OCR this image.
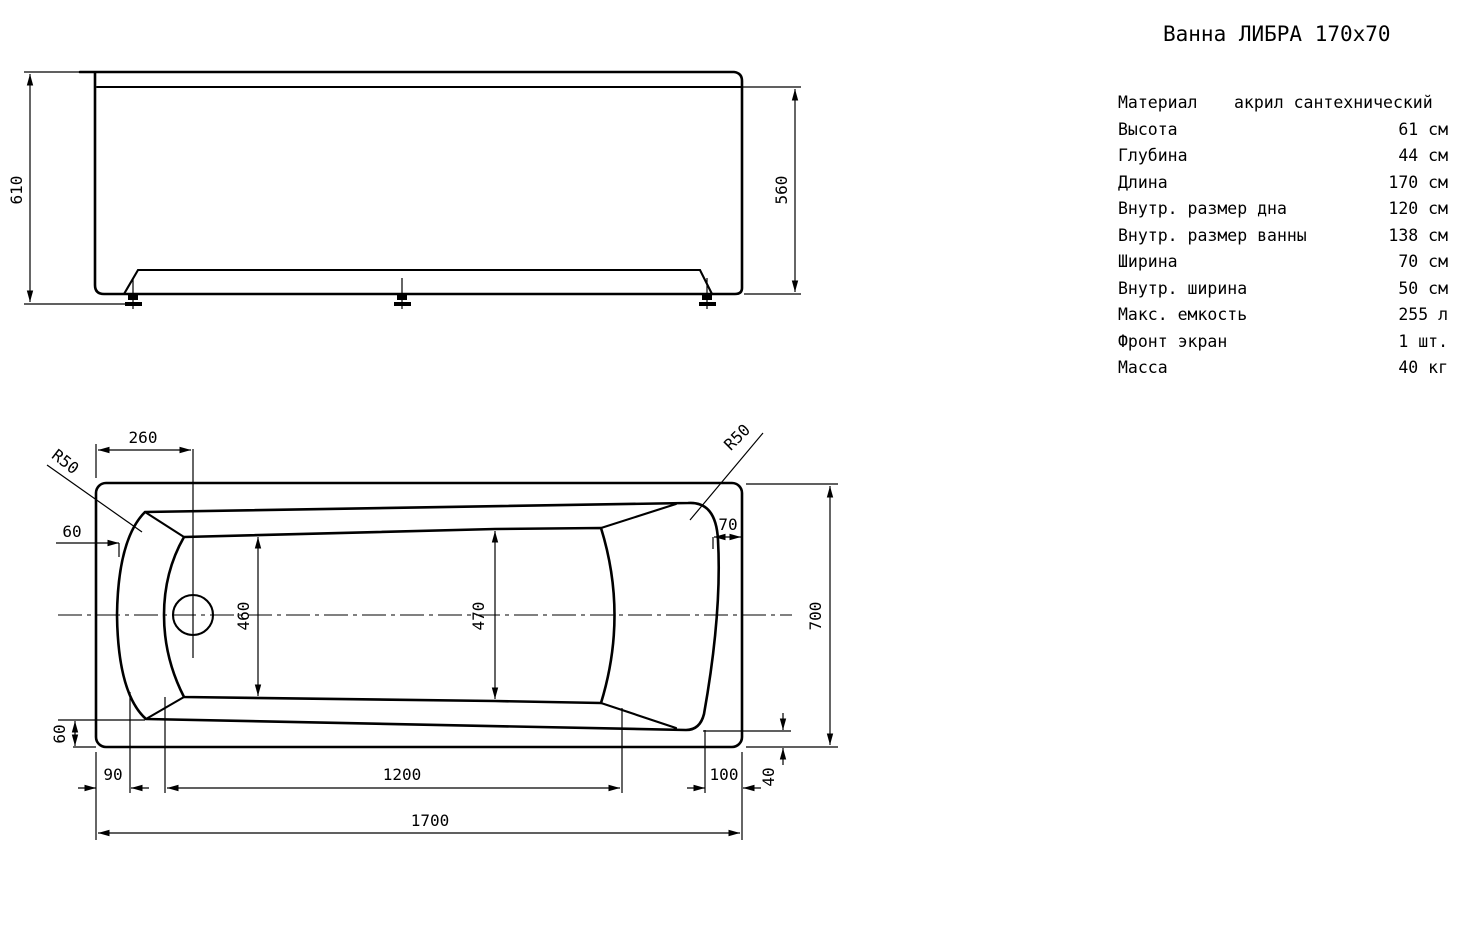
610	560
260
R50
R50
60	70
460	470	700
60
90	1200	100 40
1700
Ванна ЛИБРА 170x70
Материал	акрил сантехнический
Высота	61 см
Глубина	44 см
Длина	170 см
Внутр. размер дна	120 см
Внутр. размер ванны	138 см
Ширина	70 см
Внутр. ширина	50 см
Макс. емкость	255 л
Фронт экран	1 шт.
Масса	40 кг
